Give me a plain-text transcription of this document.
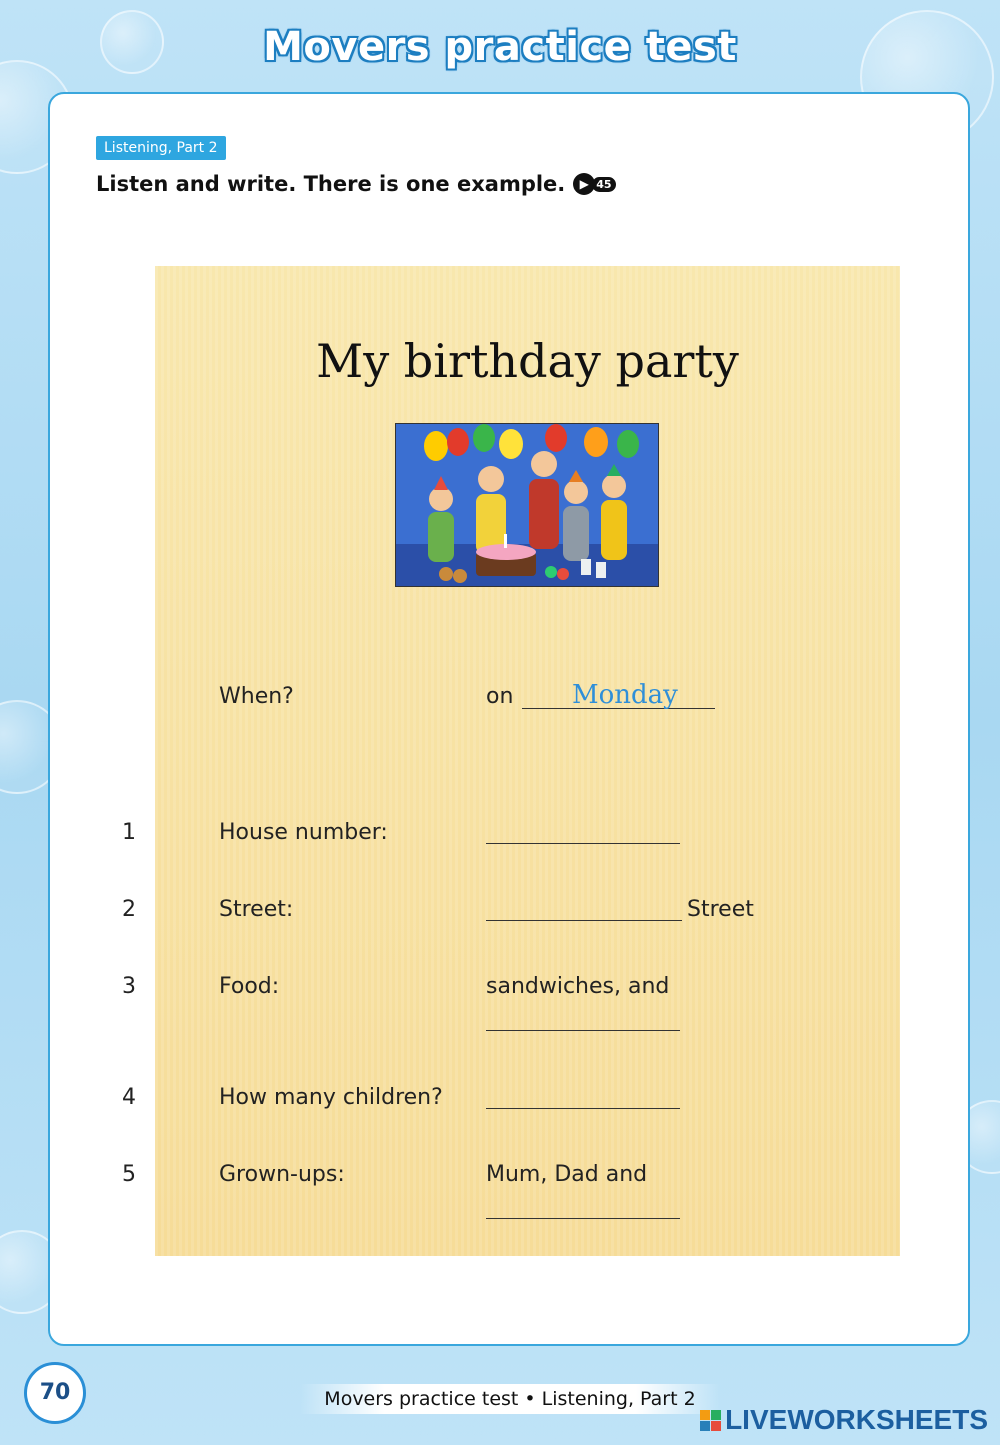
Movers practice test
Listening, Part 2
Listen and write. There is one example.	▶ 45
My birthday party
When?	on Monday
1	House number:
2	Street:	Street
3	Food:	sandwiches, and
4	How many children?
5	Grown-ups:	Mum, Dad and
70	Movers practice test • Listening, Part 2
LIVEWORKSHEETS
